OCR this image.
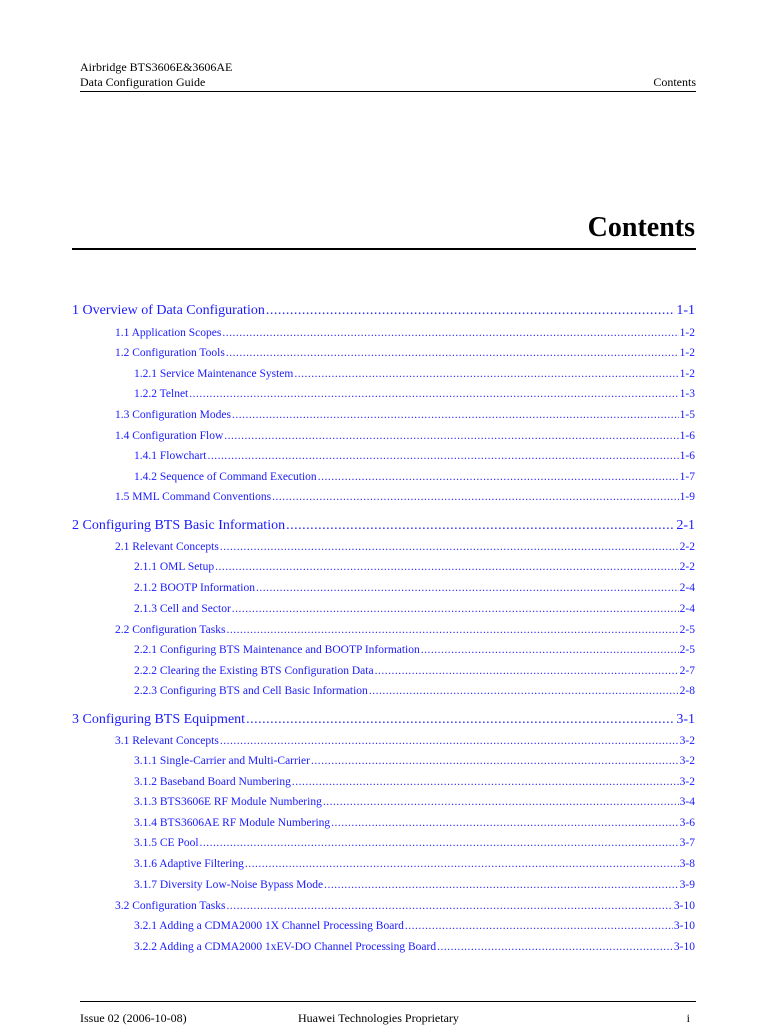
Airbridge BTS3606E&3606AE
Data Configuration Guide	Contents
Contents
1 Overview of Data Configuration .....	1-1
1.1 Application Scopes .....	1-2
1.2 Configuration Tools .....	1-2
1.2.1 Service Maintenance System .....	1-2
1.2.2 Telnet .....	1-3
1.3 Configuration Modes .....	1-5
1.4 Configuration Flow .....	1-6
1.4.1 Flowchart .....	1-6
1.4.2 Sequence of Command Execution .....	1-7
1.5 MML Command Conventions .....	1-9
2 Configuring BTS Basic Information .....	2-1
2.1 Relevant Concepts .....	2-2
2.1.1 OML Setup .....	2-2
2.1.2 BOOTP Information .....	2-4
2.1.3 Cell and Sector .....	2-4
2.2 Configuration Tasks .....	2-5
2.2.1 Configuring BTS Maintenance and BOOTP Information .....	2-5
2.2.2 Clearing the Existing BTS Configuration Data .....	2-7
2.2.3 Configuring BTS and Cell Basic Information .....	2-8
3 Configuring BTS Equipment .....	3-1
3.1 Relevant Concepts .....	3-2
3.1.1 Single-Carrier and Multi-Carrier .....	3-2
3.1.2 Baseband Board Numbering .....	3-2
3.1.3 BTS3606E RF Module Numbering .....	3-4
3.1.4 BTS3606AE RF Module Numbering .....	3-6
3.1.5 CE Pool .....	3-7
3.1.6 Adaptive Filtering .....	3-8
3.1.7 Diversity Low-Noise Bypass Mode .....	3-9
3.2 Configuration Tasks .....	3-10
3.2.1 Adding a CDMA2000 1X Channel Processing Board .....	3-10
3.2.2 Adding a CDMA2000 1xEV-DO Channel Processing Board .....	3-10
Issue 02 (2006-10-08)	Huawei Technologies Proprietary	i
